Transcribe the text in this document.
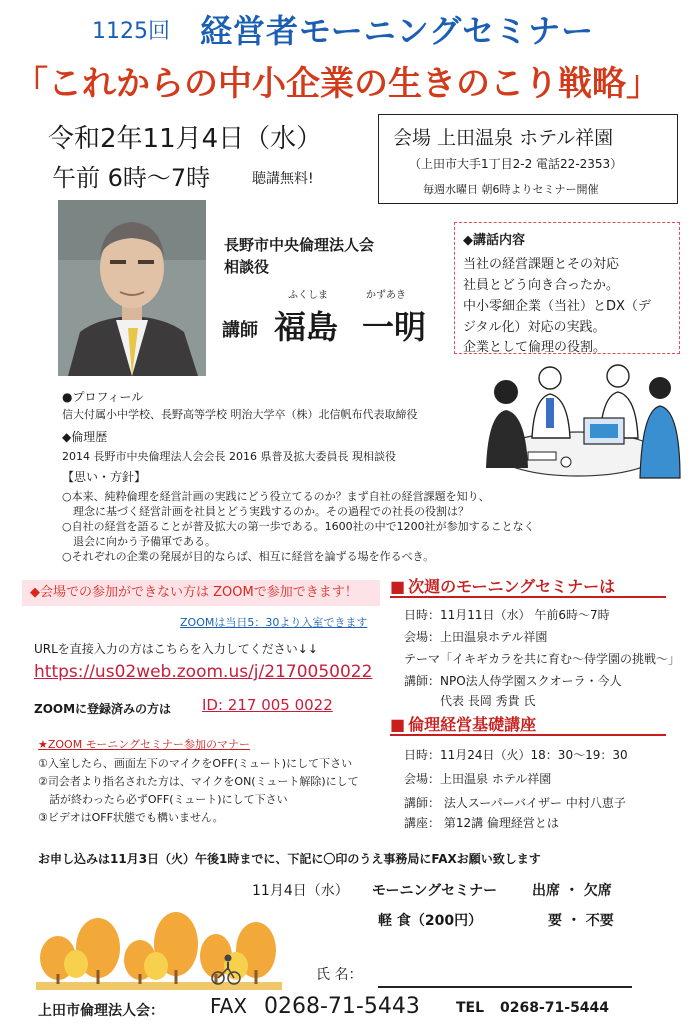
1125回 経営者モーニングセミナー
「これからの中小企業の生きのこり戦略」
令和2年11月4日（水）
午前 6時～7時	聴講無料!
会場 上田温泉 ホテル祥園
（上田市大手1丁目2-2 電話22-2353）
毎週水曜日 朝6時よりセミナー開催
長野市中央倫理法人会
相談役
ふくしま	かずあき
講師 福島 一明
◆講話内容
当社の経営課題とその対応
社員とどう向き合ったか。
中小零細企業（当社）とDX（デ
ジタル化）対応の実践。
企業として倫理の役割。
●プロフィール
信大付属小中学校、長野高等学校 明治大学卒（株）北信帆布代表取締役
◆倫理歴
2014 長野市中央倫理法人会会長 2016 県普及拡大委員長 現相談役
【思い・方針】
○本来、純粋倫理を経営計画の実践にどう役立てるのか？まず自社の経営課題を知り、
　理念に基づく経営計画を社員とどう実践するのか。その過程での社長の役割は？
○自社の経営を語ることが普及拡大の第一歩である。1600社の中で1200社が参加することなく
　退会に向かう予備軍である。
○それぞれの企業の発展が目的ならば、相互に経営を論ずる場を作るべき。
◆会場での参加ができない方は ZOOMで参加できます！
ZOOMは当日5：30より入室できます
URLを直接入力の方はこちらを入力してください↓↓
https://us02web.zoom.us/j/2170050022
ZOOMに登録済みの方は ID: 217 005 0022
★ZOOM モーニングセミナー参加のマナー
①入室したら、画面左下のマイクをOFF(ミュート)にして下さい
②司会者より指名された方は、マイクをON(ミュート解除)にして
　話が終わったら必ずOFF(ミュート)にして下さい
③ビデオはOFF状態でも構いません。
■ 次週のモーニングセミナーは
日時：11月11日（水） 午前6時～7時
会場：上田温泉ホテル祥園
テーマ「イキギカラを共に育む～侍学園の挑戦～」
講師：NPO法人侍学園スクオーラ・今人
　　　代表 長岡 秀貴 氏
■ 倫理経営基礎講座
日時：11月24日（火）18：30～19：30
会場：上田温泉 ホテル祥園
講師： 法人スーパーバイザー 中村八恵子
講座： 第12講 倫理経営とは
お申し込みは11月3日（火）午後1時までに、下記に〇印のうえ事務局にFAXお願い致します
11月4日（水） モーニングセミナー 出席 ・ 欠席
軽 食（200円）	要 ・ 不要
氏 名：
上田市倫理法人会： FAX 0268-71-5443	TEL 0268-71-5444
